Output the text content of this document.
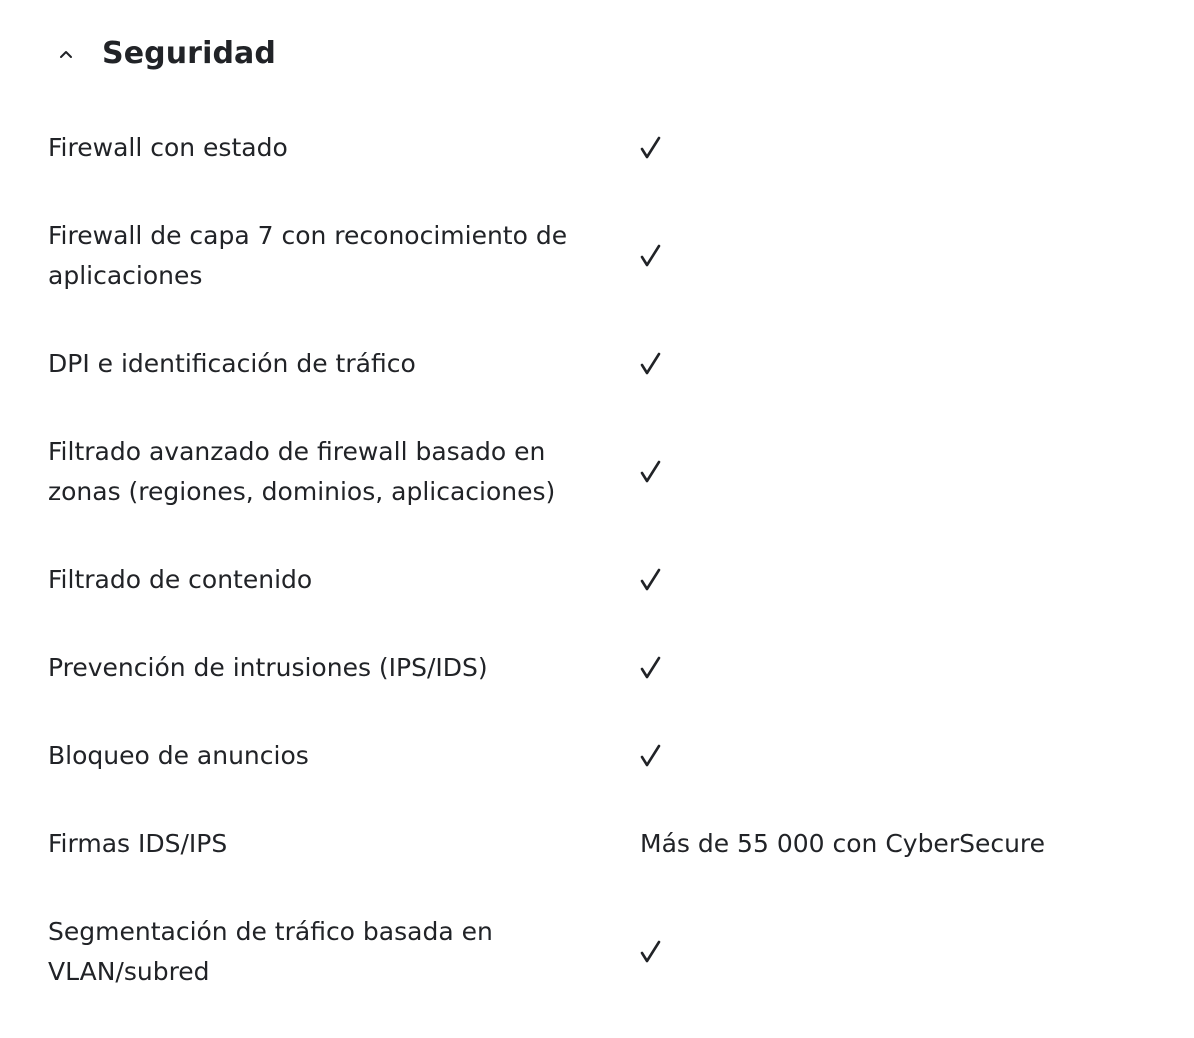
Seguridad
Firewall con estado
Firewall de capa 7 con reconocimiento de aplicaciones
DPI e identificación de tráfico
Filtrado avanzado de firewall basado en zonas (regiones, dominios, aplicaciones)
Filtrado de contenido
Prevención de intrusiones (IPS/IDS)
Bloqueo de anuncios
Firmas IDS/IPS	Más de 55 000 con CyberSecure
Segmentación de tráfico basada en VLAN/subred
